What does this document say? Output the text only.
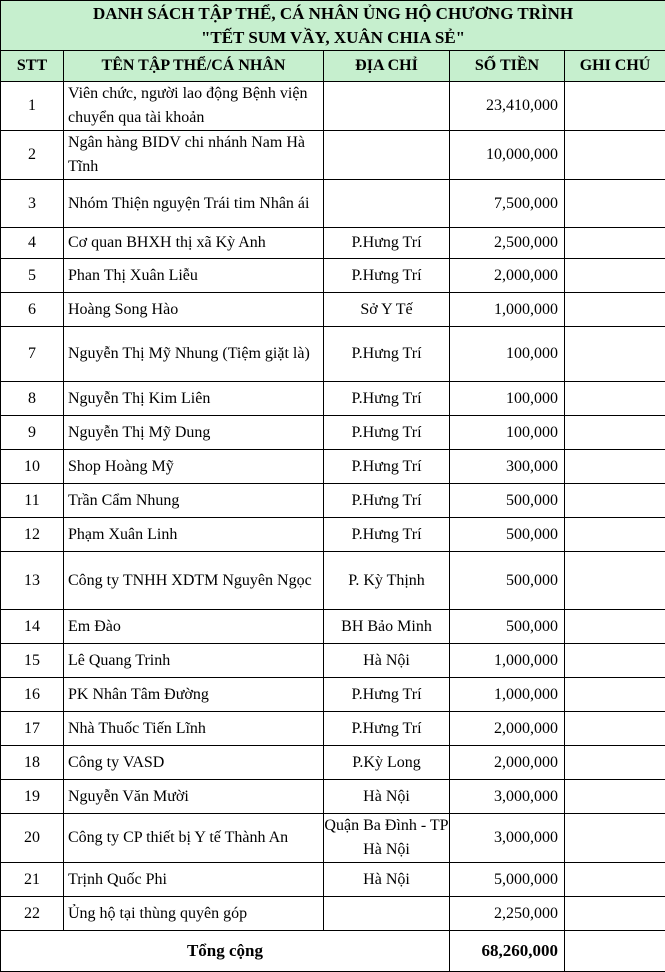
DANH SÁCH TẬP THỂ, CÁ NHÂN ỦNG HỘ CHƯƠNG TRÌNH
"TẾT SUM VẦY, XUÂN CHIA SẺ"				

STT	TÊN TẬP THỂ/CÁ NHÂN	ĐỊA CHỈ	SỐ TIỀN	GHI CHÚ
1	Viên chức, người lao động Bệnh viện chuyển qua tài khoản		23,410,000	
2	Ngân hàng BIDV chi nhánh Nam Hà Tĩnh		10,000,000	
3	Nhóm Thiện nguyện Trái tim Nhân ái		7,500,000	
4	Cơ quan BHXH thị xã Kỳ Anh	P.Hưng Trí	2,500,000	
5	Phan Thị Xuân Liễu	P.Hưng Trí	2,000,000	
6	Hoàng Song Hào	Sở Y Tế	1,000,000	
7	Nguyễn Thị Mỹ Nhung (Tiệm giặt là)	P.Hưng Trí	100,000	
8	Nguyễn Thị Kim Liên	P.Hưng Trí	100,000	
9	Nguyễn Thị Mỹ Dung	P.Hưng Trí	100,000	
10	Shop Hoàng Mỹ	P.Hưng Trí	300,000	
11	Trần Cẩm Nhung	P.Hưng Trí	500,000	
12	Phạm Xuân Linh	P.Hưng Trí	500,000	
13	Công ty TNHH XDTM Nguyên Ngọc	P. Kỳ Thịnh	500,000	
14	Em Đào	BH Bảo Minh	500,000	
15	Lê Quang Trinh	Hà Nội	1,000,000	
16	PK Nhân Tâm Đường	P.Hưng Trí	1,000,000	
17	Nhà Thuốc Tiến Lĩnh	P.Hưng Trí	2,000,000	
18	Công ty VASD	P.Kỳ Long	2,000,000	
19	Nguyễn Văn Mười	Hà Nội	3,000,000	
20	Công ty CP thiết bị Y tế Thành An	Quận Ba Đình - TP Hà Nội	3,000,000	
21	Trịnh Quốc Phi	Hà Nội	5,000,000	
22	Ủng hộ tại thùng quyên góp		2,250,000	
Tổng cộng			68,260,000	
